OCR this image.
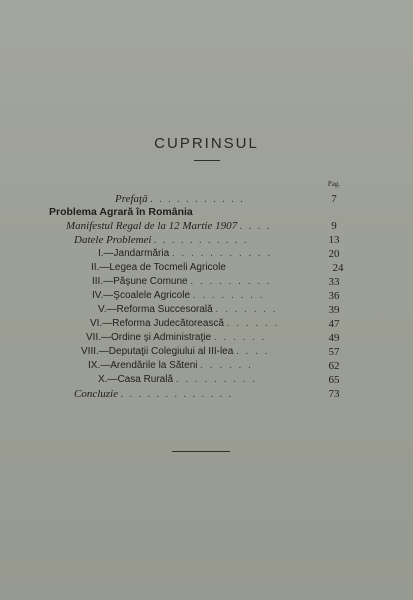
CUPRINSUL
Pag.
Prefaţă . . . . . . . . . . .	7
Problema Agrară în România
Manifestul Regal de la 12 Martie 1907 . . . .	9
Datele Problemei . . . . . . . . . . .	13
I.—Jandarmăria . . . . . . . . . . .	20
II.—Legea de Tocmeli Agricole	24
III.—Păşune Comune . . . . . . . . .	33
IV.—Şcoalele Agricole . . . . . . . .	36
V.—Reforma Succesorală . . . . . . .	39
VI.—Reforma Judecătorească . . . . . .	47
VII.—Ordine şi Administraţie . . . . . .	49
VIII.—Deputaţii Colegiului al III-lea . . . .	57
IX.—Arendările la Săteni . . . . . .	62
X.—Casa Rurală . . . . . . . . .	65
Concluzie . . . . . . . . . . . . .	73
